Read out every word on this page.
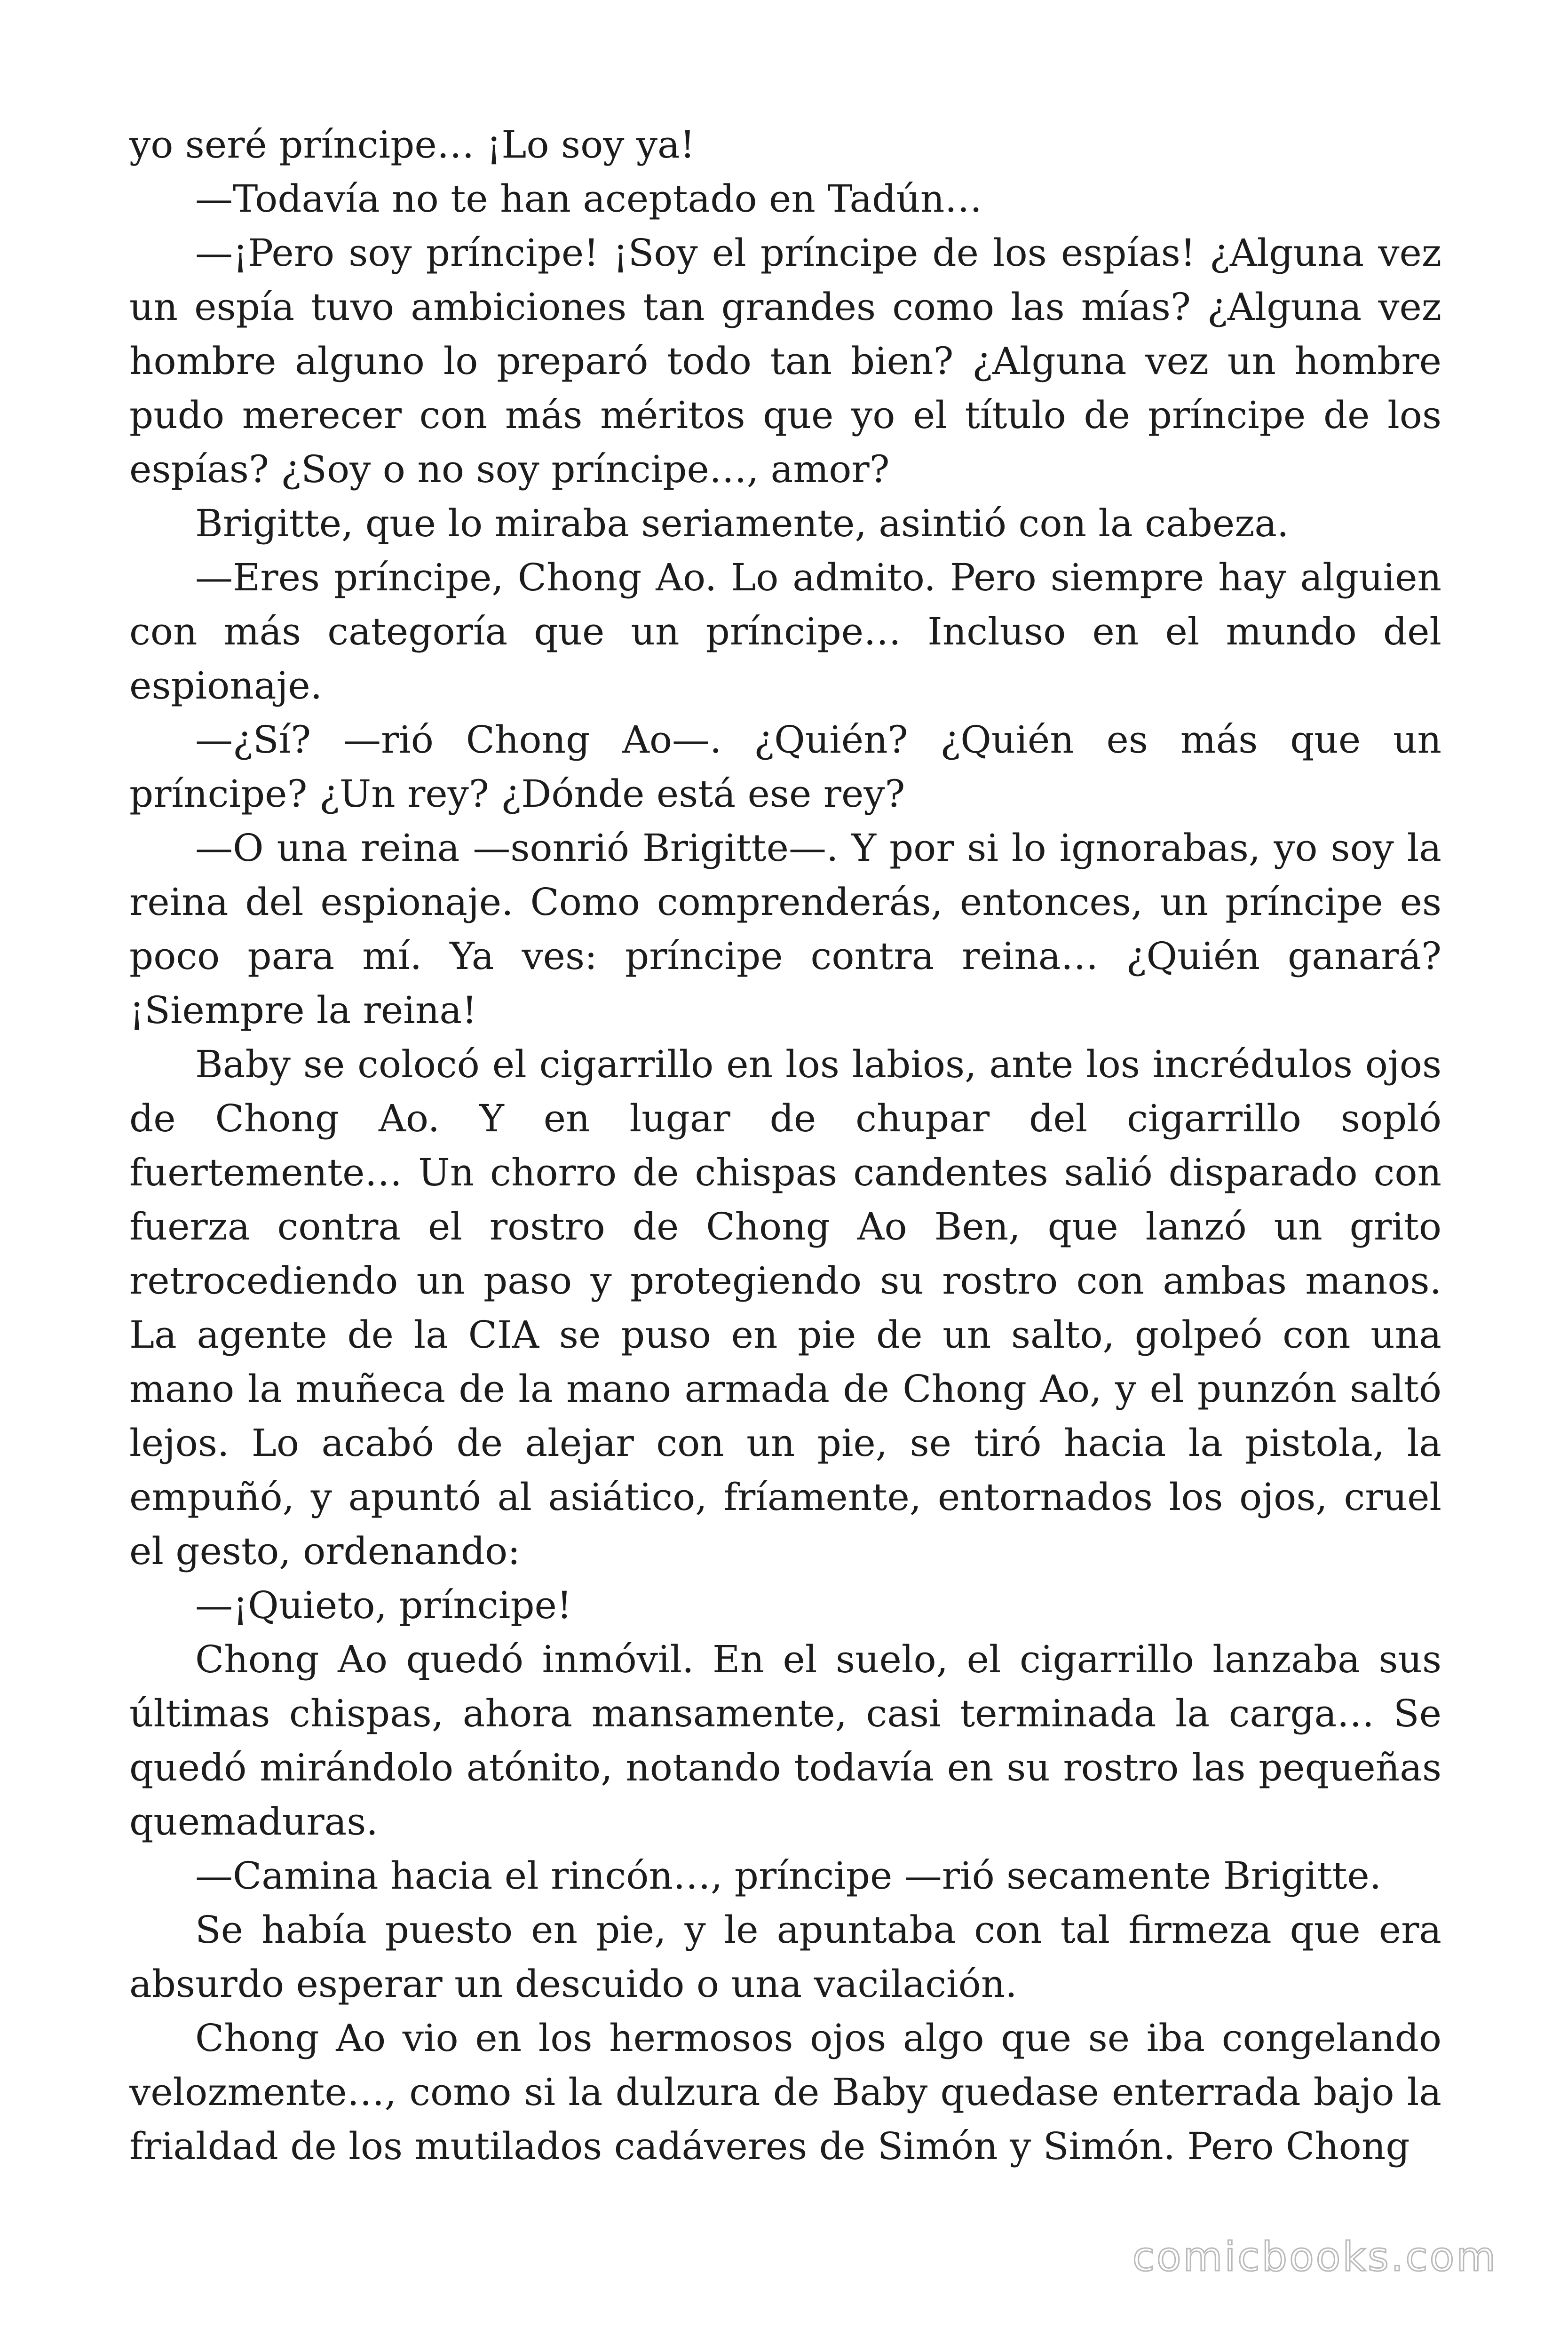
yo seré príncipe… ¡Lo soy ya!

—Todavía no te han aceptado en Tadún…

—¡Pero soy príncipe! ¡Soy el príncipe de los espías! ¿Alguna vez un espía tuvo ambiciones tan grandes como las mías? ¿Alguna vez hombre alguno lo preparó todo tan bien? ¿Alguna vez un hombre pudo merecer con más méritos que yo el título de príncipe de los espías? ¿Soy o no soy príncipe…, amor?

Brigitte, que lo miraba seriamente, asintió con la cabeza.

—Eres príncipe, Chong Ao. Lo admito. Pero siempre hay alguien con más categoría que un príncipe… Incluso en el mundo del espionaje.

—¿Sí? —rió Chong Ao—. ¿Quién? ¿Quién es más que un príncipe? ¿Un rey? ¿Dónde está ese rey?

—O una reina —sonrió Brigitte—. Y por si lo ignorabas, yo soy la reina del espionaje. Como comprenderás, entonces, un príncipe es poco para mí. Ya ves: príncipe contra reina… ¿Quién ganará? ¡Siempre la reina!

Baby se colocó el cigarrillo en los labios, ante los incrédulos ojos de Chong Ao. Y en lugar de chupar del cigarrillo sopló fuertemente… Un chorro de chispas candentes salió disparado con fuerza contra el rostro de Chong Ao Ben, que lanzó un grito retrocediendo un paso y protegiendo su rostro con ambas manos. La agente de la CIA se puso en pie de un salto, golpeó con una mano la muñeca de la mano armada de Chong Ao, y el punzón saltó lejos. Lo acabó de alejar con un pie, se tiró hacia la pistola, la empuñó, y apuntó al asiático, fríamente, entornados los ojos, cruel el gesto, ordenando:

—¡Quieto, príncipe!

Chong Ao quedó inmóvil. En el suelo, el cigarrillo lanzaba sus últimas chispas, ahora mansamente, casi terminada la carga… Se quedó mirándolo atónito, notando todavía en su rostro las pequeñas quemaduras.

—Camina hacia el rincón…, príncipe —rió secamente Brigitte.

Se había puesto en pie, y le apuntaba con tal firmeza que era absurdo esperar un descuido o una vacilación.

Chong Ao vio en los hermosos ojos algo que se iba congelando velozmente…, como si la dulzura de Baby quedase enterrada bajo la frialdad de los mutilados cadáveres de Simón y Simón. Pero Chong

comicbooks.com
